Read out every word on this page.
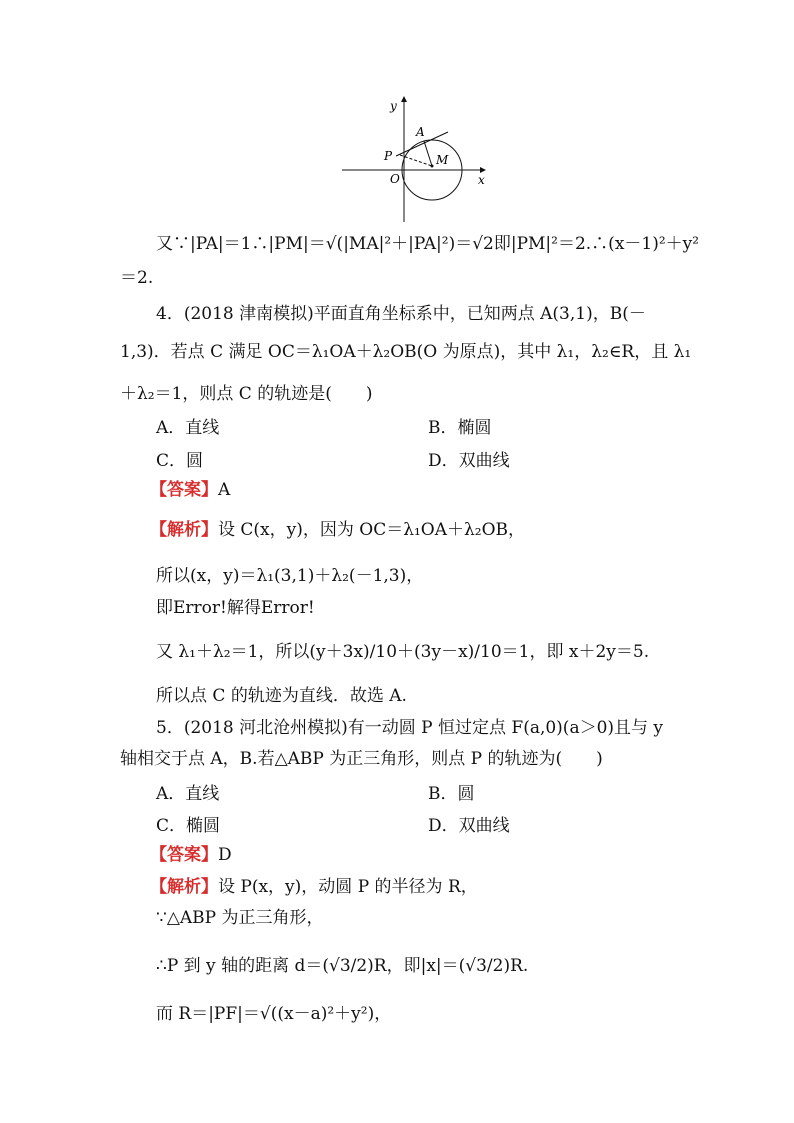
y
x
A
P	M
O
又∵|PA|＝1∴|PM|＝√(|MA|²＋|PA|²)＝√2即|PM|²＝2.∴(x－1)²＋y²
＝2.
4．(2018 津南模拟)平面直角坐标系中，已知两点 A(3,1)，B(－
1,3)．若点 C 满足 OC＝λ₁OA＋λ₂OB(O 为原点)，其中 λ₁，λ₂∈R，且 λ₁
＋λ₂＝1，则点 C 的轨迹是(　　)
A．直线	B．椭圆
C．圆	D．双曲线
【答案】A
【解析】设 C(x，y)，因为 OC＝λ₁OA＋λ₂OB，
所以(x，y)＝λ₁(3,1)＋λ₂(－1,3)，
即Error!解得Error!
又 λ₁＋λ₂＝1，所以(y＋3x)/10＋(3y－x)/10＝1，即 x＋2y＝5.
所以点 C 的轨迹为直线．故选 A.
5．(2018 河北沧州模拟)有一动圆 P 恒过定点 F(a,0)(a＞0)且与 y
轴相交于点 A，B.若△ABP 为正三角形，则点 P 的轨迹为(　　)
A．直线	B．圆
C．椭圆	D．双曲线
【答案】D
【解析】设 P(x，y)，动圆 P 的半径为 R，
∵△ABP 为正三角形，
∴P 到 y 轴的距离 d＝(√3/2)R，即|x|＝(√3/2)R.
而 R＝|PF|＝√((x－a)²＋y²)，
